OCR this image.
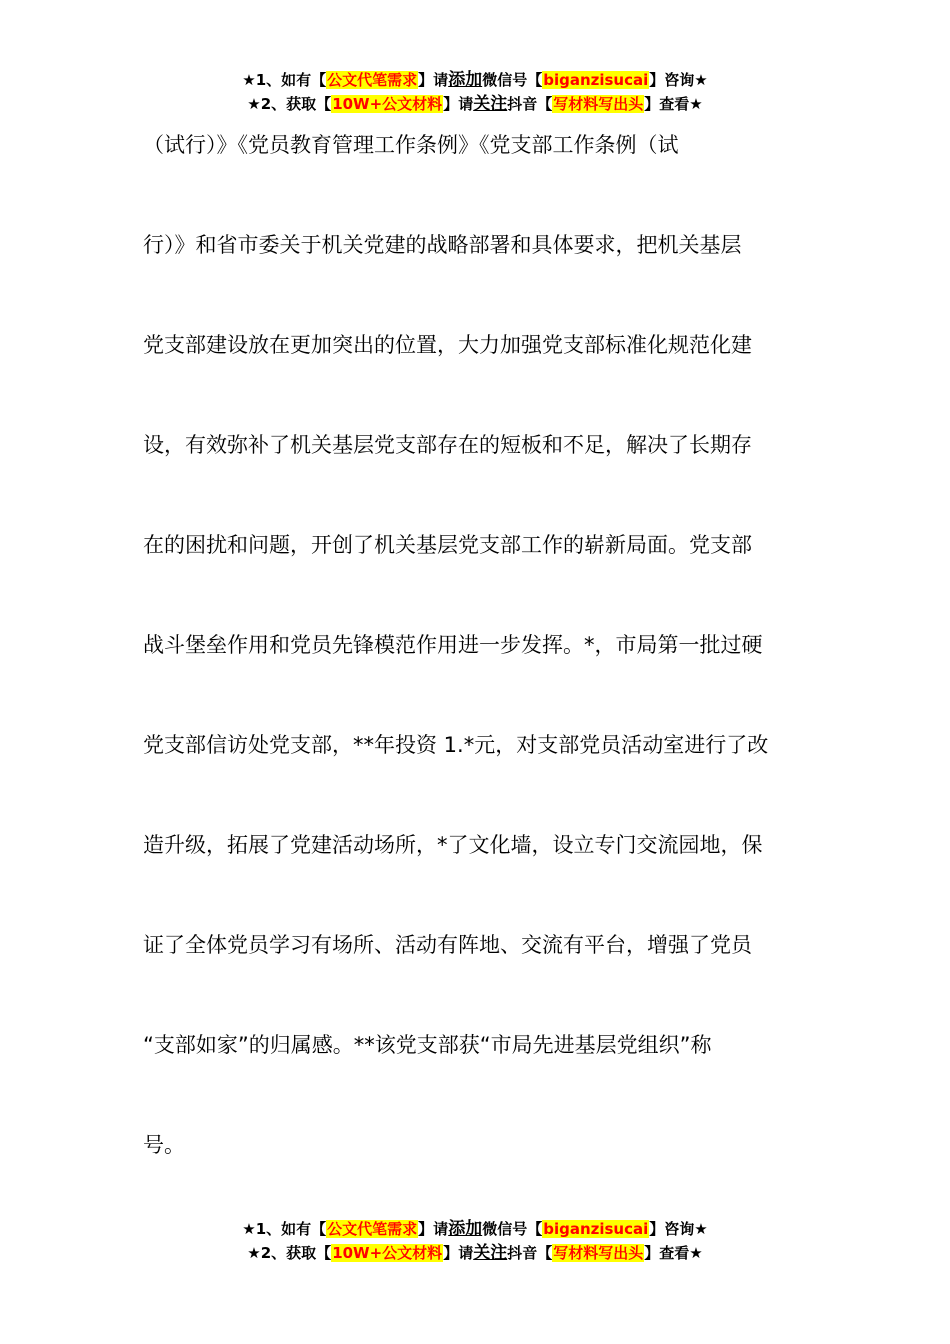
★1、如有【公文代笔需求】请添加微信号【biganzisucai】咨询★
★2、获取【10W+公文材料】请关注抖音【写材料写出头】查看★
（试行）》《党员教育管理工作条例》《党支部工作条例（试
行）》和省市委关于机关党建的战略部署和具体要求，把机关基层
党支部建设放在更加突出的位置，大力加强党支部标准化规范化建
设，有效弥补了机关基层党支部存在的短板和不足，解决了长期存
在的困扰和问题，开创了机关基层党支部工作的崭新局面。党支部
战斗堡垒作用和党员先锋模范作用进一步发挥。*，市局第一批过硬
党支部信访处党支部，**年投资 1.*元，对支部党员活动室进行了改
造升级，拓展了党建活动场所，*了文化墙，设立专门交流园地，保
证了全体党员学习有场所、活动有阵地、交流有平台，增强了党员
“支部如家”的归属感。**该党支部获“市局先进基层党组织”称
号。
★1、如有【公文代笔需求】请添加微信号【biganzisucai】咨询★
★2、获取【10W+公文材料】请关注抖音【写材料写出头】查看★
